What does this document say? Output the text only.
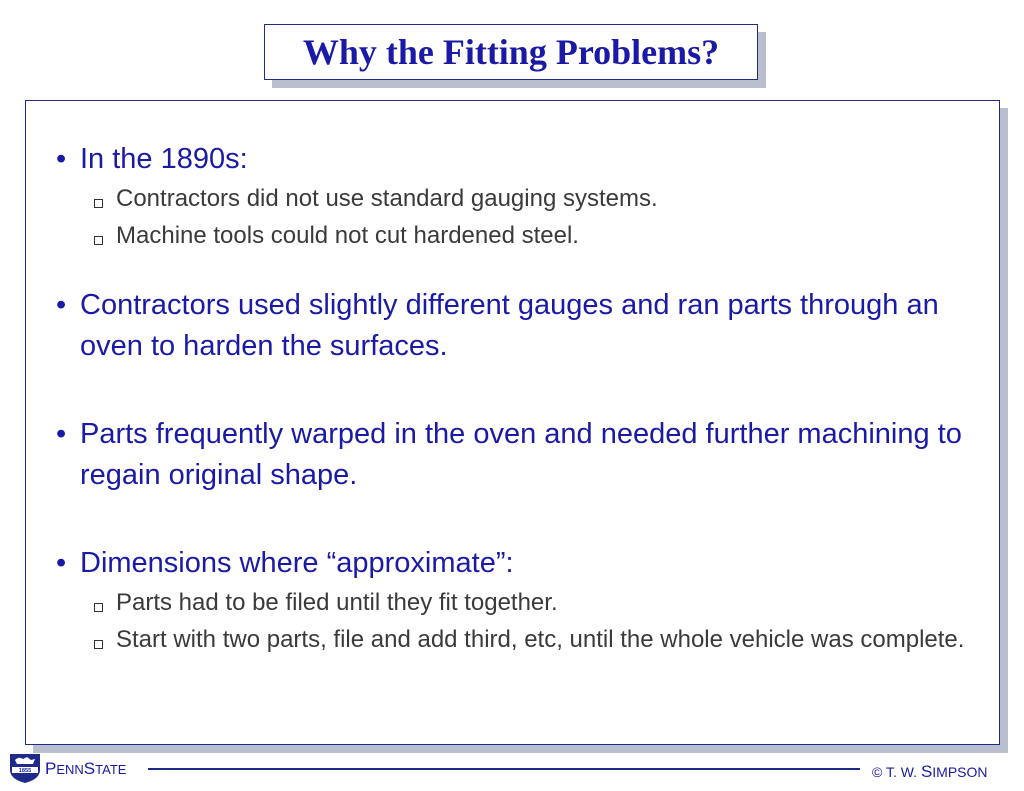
Why the Fitting Problems?
• In the 1890s:
Contractors did not use standard gauging systems.
Machine tools could not cut hardened steel.
• Contractors used slightly different gauges and ran parts through an oven to harden the surfaces.
• Parts frequently warped in the oven and needed further machining to regain original shape.
• Dimensions where “approximate”:
Parts had to be filed until they fit together.
Start with two parts, file and add third, etc, until the whole vehicle was complete.
1855 PENNSTATE	© T. W. SIMPSON
